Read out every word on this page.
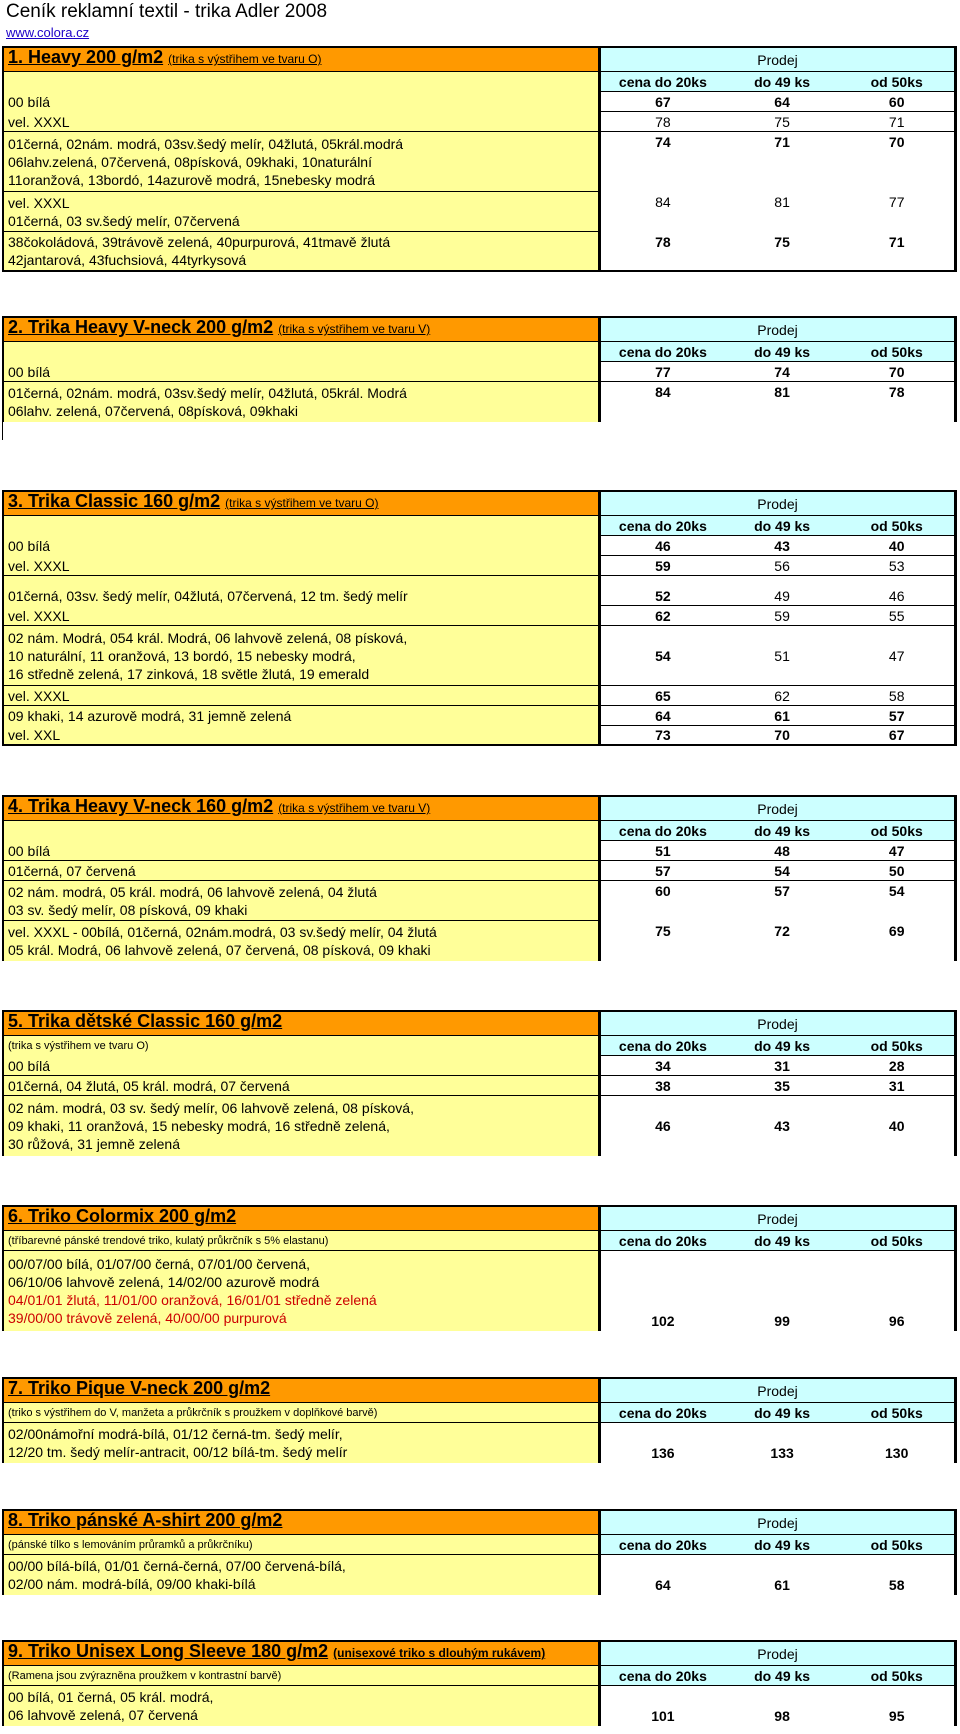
Ceník reklamní textil - trika Adler 2008
www.colora.cz
1. Heavy 200 g/m2 (trika s výstřihem ve tvaru O)	Prodej
cena do 20ks	do 49 ks	od 50ks
00 bílá	67	64	60
vel. XXXL	78	75	71
01černá, 02nám. modrá, 03sv.šedý melír, 04žlutá, 05král.modrá
06lahv.zelená, 07červená, 08písková, 09khaki, 10naturální
11oranžová, 13bordó, 14azurově modrá, 15nebesky modrá
74	71	70
vel. XXXL
01černá, 03 sv.šedý melír, 07červená
84	81	77
38čokoládová, 39trávově zelená, 40purpurová, 41tmavě žlutá
42jantarová, 43fuchsiová, 44tyrkysová
78	75	71
2. Trika Heavy V-neck 200 g/m2 (trika s výstřihem ve tvaru V)	Prodej
cena do 20ks	do 49 ks	od 50ks
00 bílá	77	74	70
01černá, 02nám. modrá, 03sv.šedý melír, 04žlutá, 05král. Modrá
06lahv. zelená, 07červená, 08písková, 09khaki
84	81	78
3. Trika Classic 160 g/m2 (trika s výstřihem ve tvaru O)	Prodej
cena do 20ks	do 49 ks	od 50ks
00 bílá	46	43	40
vel. XXXL	59	56	53
01černá, 03sv. šedý melír, 04žlutá, 07červená, 12 tm. šedý melír	52	49	46
vel. XXXL	62	59	55
02 nám. Modrá, 054 král. Modrá, 06 lahvově zelená, 08 písková,
10 naturální, 11 oranžová, 13 bordó, 15 nebesky modrá,
16 středně zelená, 17 zinková, 18 světle žlutá, 19 emerald
54	51	47
vel. XXXL	65	62	58
09 khaki, 14 azurově modrá, 31 jemně zelená	64	61	57
vel. XXL	73	70	67
4. Trika Heavy V-neck 160 g/m2 (trika s výstřihem ve tvaru V)	Prodej
cena do 20ks	do 49 ks	od 50ks
00 bílá	51	48	47
01černá, 07 červená	57	54	50
02 nám. modrá, 05 král. modrá, 06 lahvově zelená, 04 žlutá
03 sv. šedý melír, 08 písková, 09 khaki
60	57	54
vel. XXXL - 00bílá, 01černá, 02nám.modrá, 03 sv.šedý melír, 04 žlutá
05 král. Modrá, 06 lahvově zelená, 07 červená, 08 písková, 09 khaki
75	72	69
5. Trika dětské Classic 160 g/m2	Prodej
(trika s výstřihem ve tvaru O)	cena do 20ks	do 49 ks	od 50ks
00 bílá	34	31	28
01černá, 04 žlutá, 05 král. modrá, 07 červená	38	35	31
02 nám. modrá, 03 sv. šedý melír, 06 lahvově zelená, 08 písková,
09 khaki, 11 oranžová, 15 nebesky modrá, 16 středně zelená,
30 růžová, 31 jemně zelená
46	43	40
6. Triko Colormix 200 g/m2	Prodej
(tříbarevné pánské trendové triko, kulatý průkrčník s 5% elastanu)	cena do 20ks	do 49 ks	od 50ks
00/07/00 bílá, 01/07/00 černá, 07/01/00 červená,
06/10/06 lahvově zelená, 14/02/00 azurově modrá
04/01/01 žlutá, 11/01/00 oranžová, 16/01/01 středně zelená
39/00/00 trávově zelená, 40/00/00 purpurová	102	99	96
7. Triko Pique V-neck 200 g/m2	Prodej
(triko s výstřihem do V, manžeta a průkrčník s proužkem v doplňkové barvě)	cena do 20ks	do 49 ks	od 50ks
02/00námořní modrá-bílá, 01/12 černá-tm. šedý melír,
12/20 tm. šedý melír-antracit, 00/12 bílá-tm. šedý melír	136	133	130
8. Triko pánské A-shirt 200 g/m2	Prodej
(pánské tílko s lemováním průramků a průkrčníku)	cena do 20ks	do 49 ks	od 50ks
00/00 bílá-bílá, 01/01 černá-černá, 07/00 červená-bílá,
02/00 nám. modrá-bílá, 09/00 khaki-bílá	64	61	58
9. Triko Unisex Long Sleeve 180 g/m2 (unisexové triko s dlouhým rukávem)	Prodej
(Ramena jsou zvýrazněna proužkem v kontrastní barvě)	cena do 20ks	do 49 ks	od 50ks
00 bílá, 01 černá, 05 král. modrá,
06 lahvově zelená, 07 červená	101	98	95
